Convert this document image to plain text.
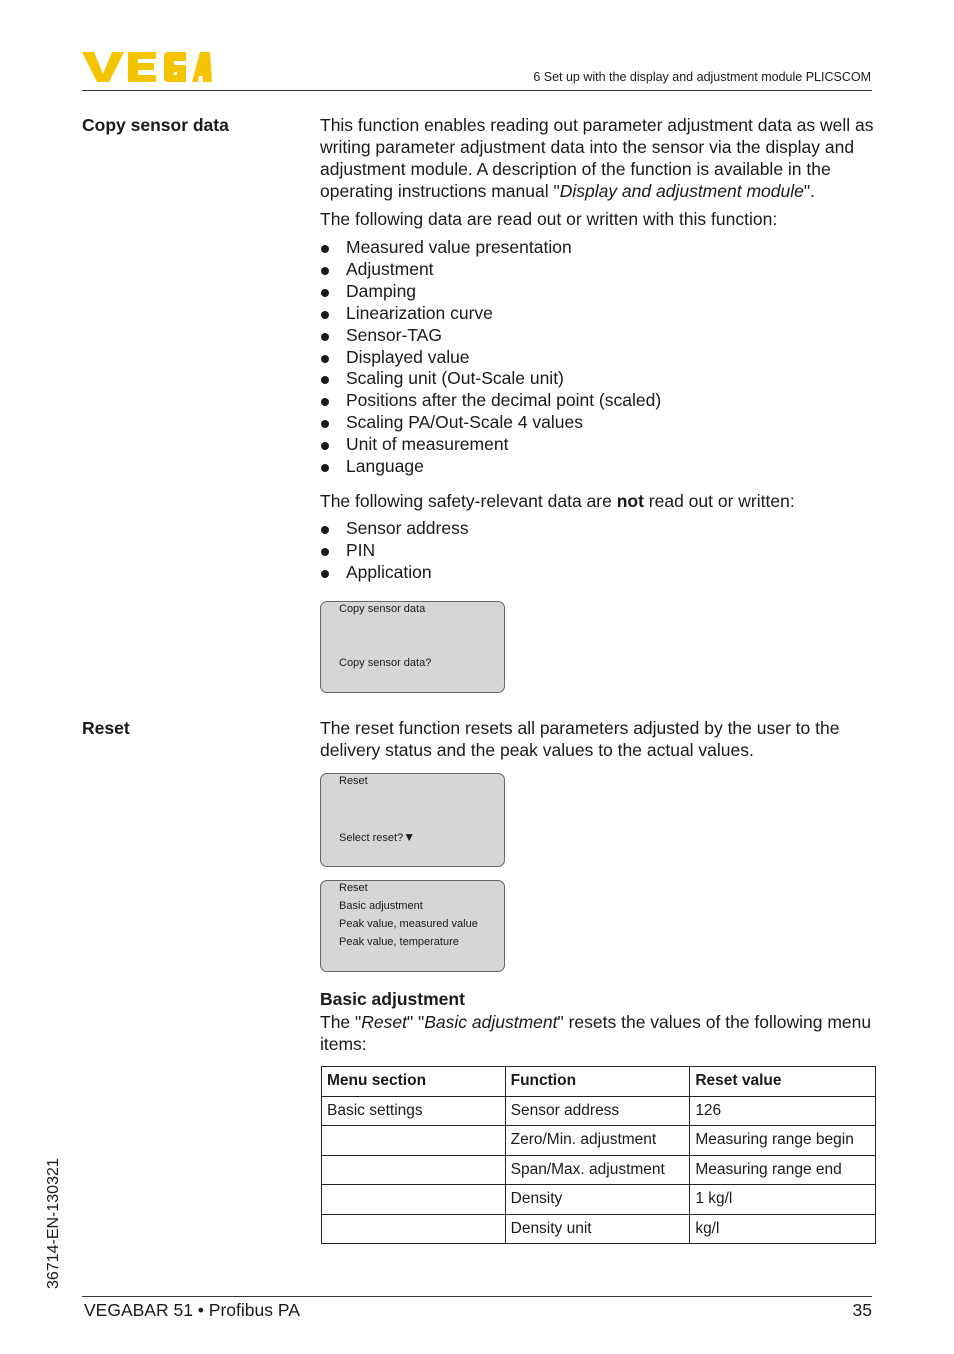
6 Set up with the display and adjustment module PLICSCOM
Copy sensor data	This function enables reading out parameter adjustment data as well as writing parameter adjustment data into the sensor via the display and adjustment module. A description of the function is available in the operating instructions manual "Display and adjustment module".

The following data are read out or written with this function:

Measured value presentation
Adjustment
Damping
Linearization curve
Sensor-TAG
Displayed value
Scaling unit (Out-Scale unit)
Positions after the decimal point (scaled)
Scaling PA/Out-Scale 4 values
Unit of measurement
Language

The following safety-relevant data are not read out or written:

Sensor address
PIN
Application
Copy sensor data
Copy sensor data?
Reset	The reset function resets all parameters adjusted by the user to the delivery status and the peak values to the actual values.
Reset
Select reset?▼
Reset
Basic adjustment
Peak value, measured value
Peak value, temperature
Basic adjustment
The "Reset" "Basic adjustment" resets the values of the following menu items:
Menu section	Function	Reset value
Basic settings	Sensor address	126
	Zero/Min. adjustment	Measuring range begin
	Span/Max. adjustment	Measuring range end
	Density	1 kg/l
	Density unit	kg/l
36714-EN-130321
VEGABAR 51 • Profibus PA	35
